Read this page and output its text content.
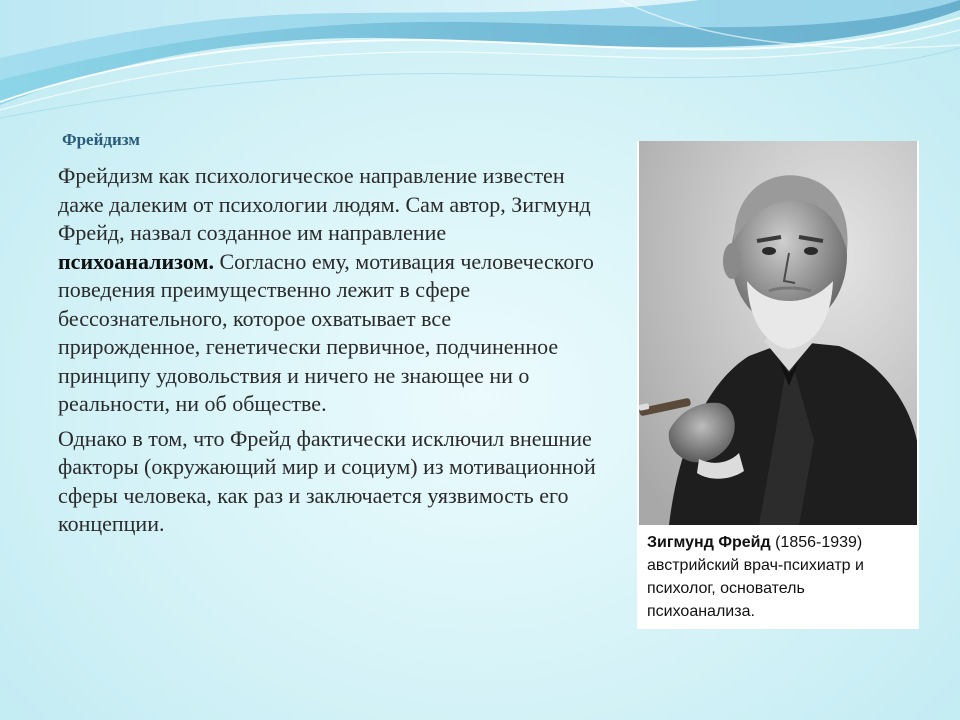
Фрейдизм

Фрейдизм как психологическое направление известен даже далеким от психологии людям. Сам автор, Зигмунд Фрейд, назвал созданное им направление психоанализом. Согласно ему, мотивация человеческого поведения преимущественно лежит в сфере бессознательного, которое охватывает все прирожденное, генетически первичное, подчиненное принципу удовольствия и ничего не знающее ни о реальности, ни об обществе.

Однако в том, что Фрейд фактически исключил внешние факторы (окружающий мир и социум) из мотивационной сферы человека, как раз и заключается уязвимость его концепции.

Зигмунд Фрейд (1856-1939) австрийский врач-психиатр и психолог, основатель психоанализа.
